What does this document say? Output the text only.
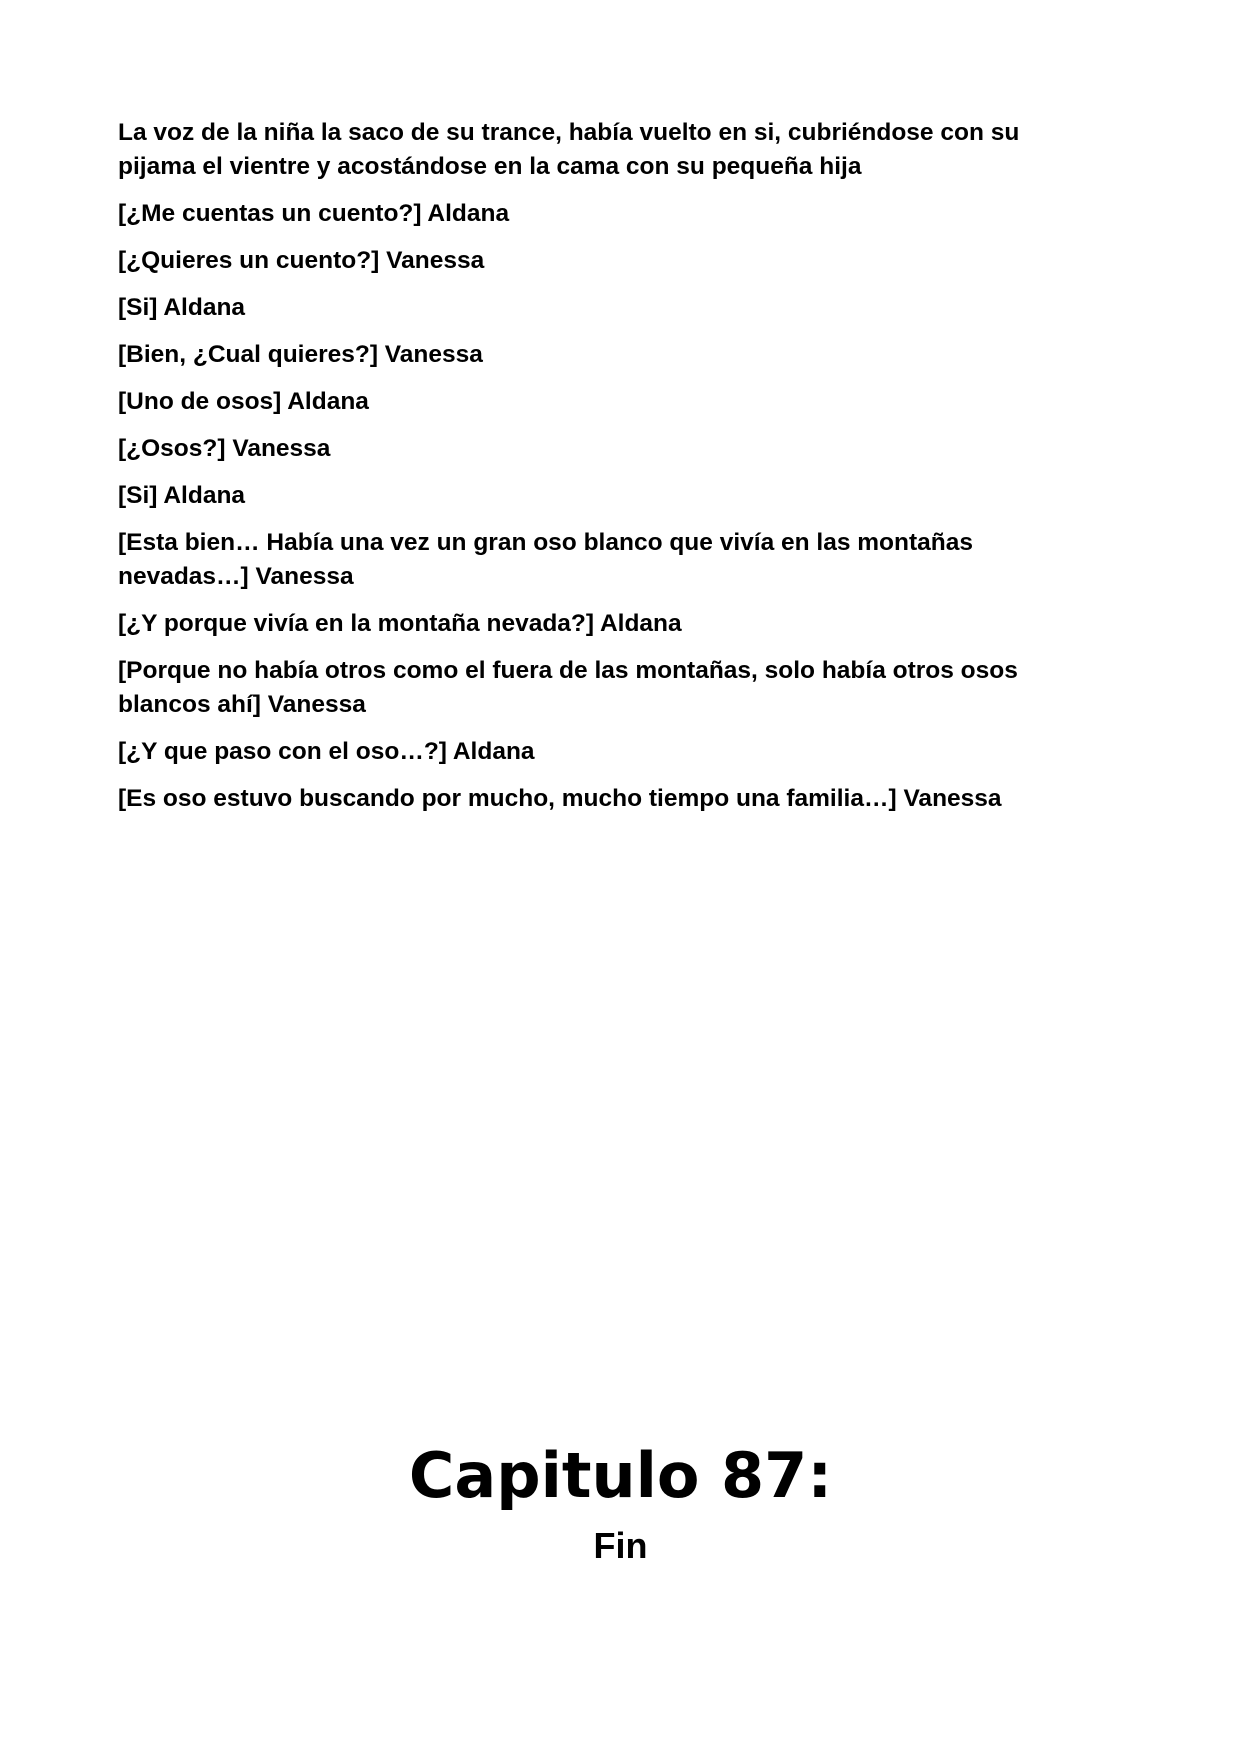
La voz de la niña la saco de su trance, había vuelto en si, cubriéndose con su pijama el vientre y acostándose en la cama con su pequeña hija

[¿Me cuentas un cuento?] Aldana

[¿Quieres un cuento?] Vanessa

[Si] Aldana

[Bien, ¿Cual quieres?] Vanessa

[Uno de osos] Aldana

[¿Osos?] Vanessa

[Si] Aldana

[Esta bien… Había una vez un gran oso blanco que vivía en las montañas nevadas…] Vanessa

[¿Y porque vivía en la montaña nevada?] Aldana

[Porque no había otros como el fuera de las montañas, solo había otros osos blancos ahí] Vanessa

[¿Y que paso con el oso…?] Aldana

[Es oso estuvo buscando por mucho, mucho tiempo una familia…] Vanessa

Capitulo 87:
Fin
